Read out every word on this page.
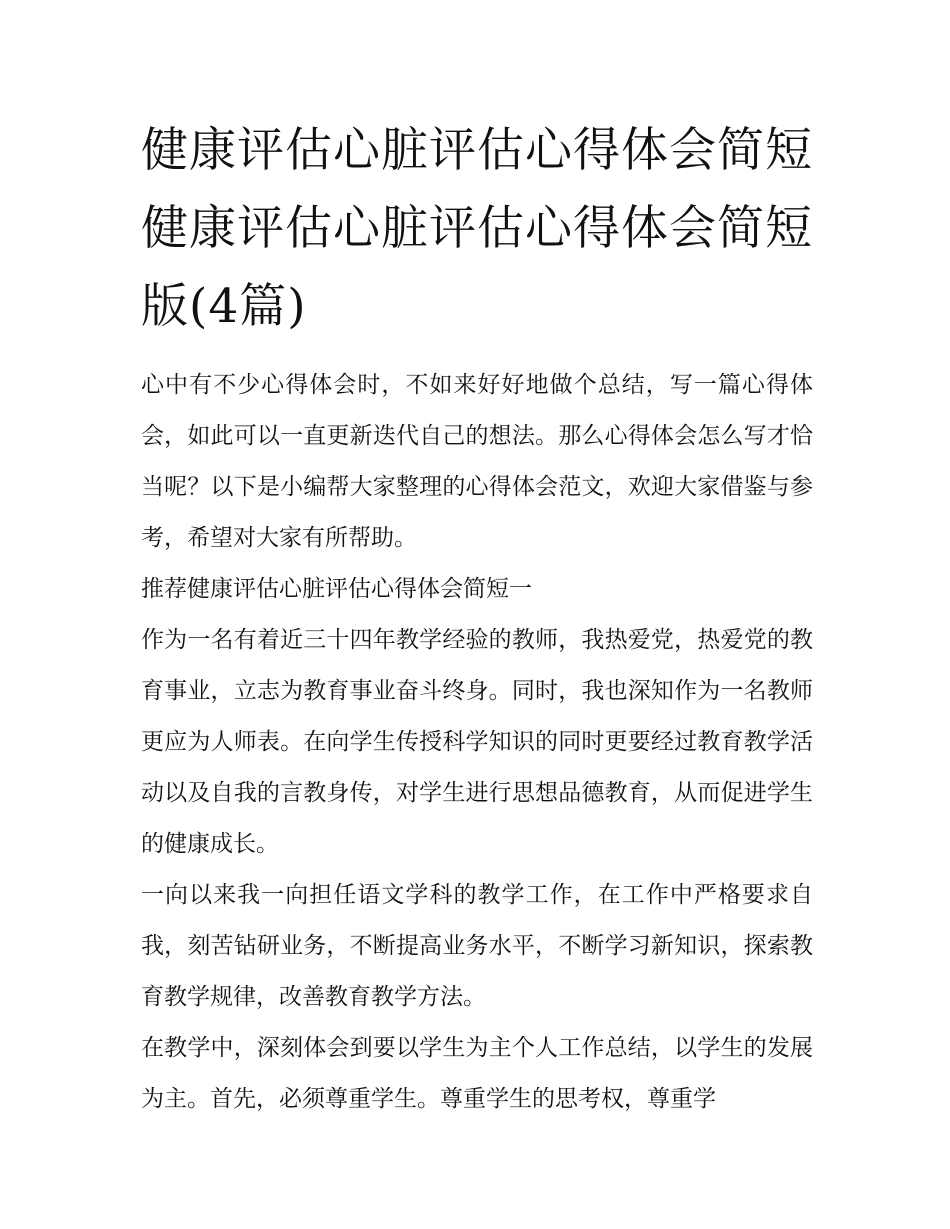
健康评估心脏评估心得体会简短 健康评估心脏评估心得体会简短版(4篇)

心中有不少心得体会时，不如来好好地做个总结，写一篇心得体会，如此可以一直更新迭代自己的想法。那么心得体会怎么写才恰当呢？以下是小编帮大家整理的心得体会范文，欢迎大家借鉴与参考，希望对大家有所帮助。

推荐健康评估心脏评估心得体会简短一

作为一名有着近三十四年教学经验的教师，我热爱党，热爱党的教育事业，立志为教育事业奋斗终身。同时，我也深知作为一名教师更应为人师表。在向学生传授科学知识的同时更要经过教育教学活动以及自我的言教身传，对学生进行思想品德教育，从而促进学生的健康成长。

一向以来我一向担任语文学科的教学工作，在工作中严格要求自我，刻苦钻研业务，不断提高业务水平，不断学习新知识，探索教育教学规律，改善教育教学方法。

在教学中，深刻体会到要以学生为主个人工作总结，以学生的发展为主。首先，必须尊重学生。尊重学生的思考权，尊重学
